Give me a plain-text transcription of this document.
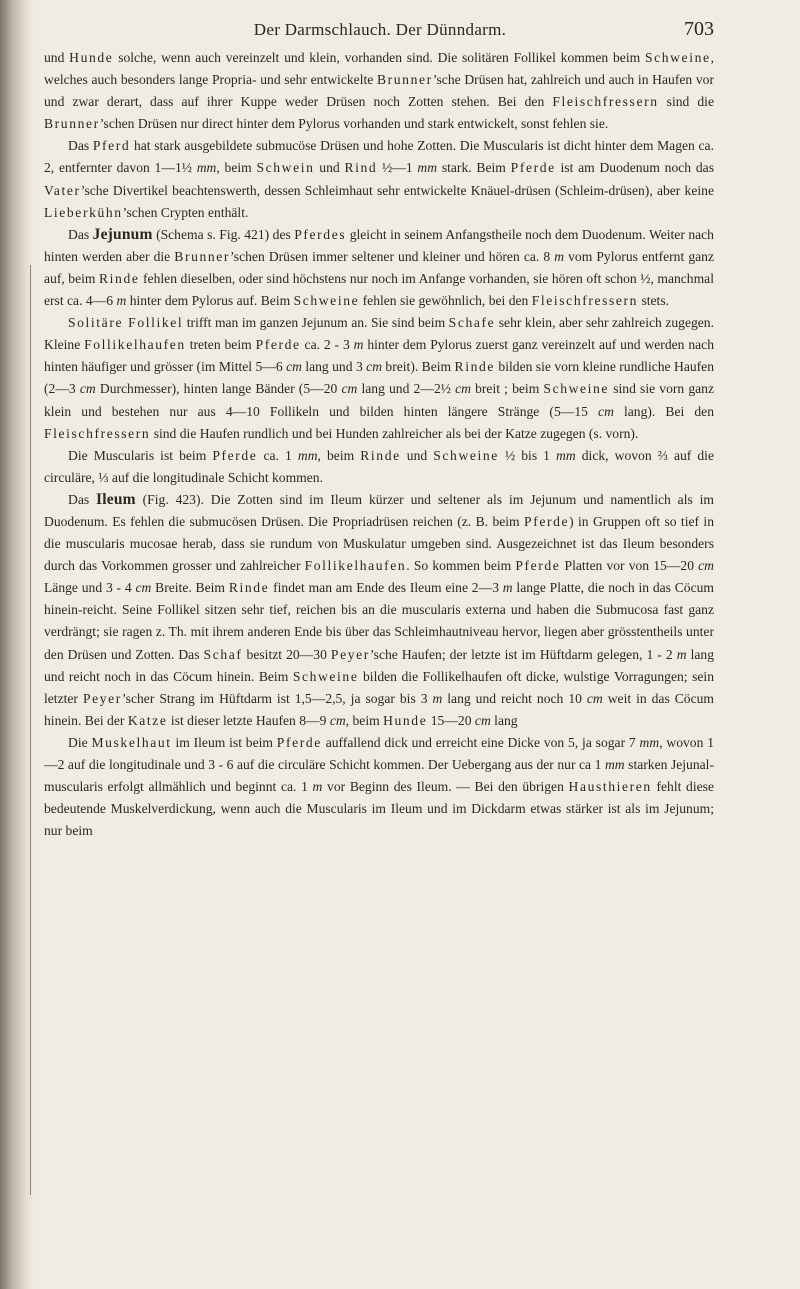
Der Darmschlauch. Der Dünndarm.	703

und Hunde solche, wenn auch vereinzelt und klein, vorhanden sind. Die solitären Follikel kommen beim Schweine, welches auch besonders lange Propria- und sehr entwickelte Brunner’sche Drüsen hat, zahlreich und auch in Haufen vor und zwar derart, dass auf ihrer Kuppe weder Drüsen noch Zotten stehen. Bei den Fleischfressern sind die Brunner’schen Drüsen nur direct hinter dem Pylorus vorhanden und stark entwickelt, sonst fehlen sie.

Das Pferd hat stark ausgebildete submucöse Drüsen und hohe Zotten. Die Muscularis ist dicht hinter dem Magen ca. 2, entfernter davon 1—1½ mm, beim Schwein und Rind ½—1 mm stark. Beim Pferde ist am Duodenum noch das Vater’sche Divertikel beachtenswerth, dessen Schleimhaut sehr entwickelte Knäuel-drüsen (Schleim-drüsen), aber keine Lieberkühn’schen Crypten enthält.

Das Jejunum (Schema s. Fig. 421) des Pferdes gleicht in seinem Anfangstheile noch dem Duodenum. Weiter nach hinten werden aber die Brunner’schen Drüsen immer seltener und kleiner und hören ca. 8 m vom Pylorus entfernt ganz auf, beim Rinde fehlen dieselben, oder sind höchstens nur noch im Anfange vorhanden, sie hören oft schon ½, manchmal erst ca. 4—6 m hinter dem Pylorus auf. Beim Schweine fehlen sie gewöhnlich, bei den Fleischfressern stets.

Solitäre Follikel trifft man im ganzen Jejunum an. Sie sind beim Schafe sehr klein, aber sehr zahlreich zugegen. Kleine Follikelhaufen treten beim Pferde ca. 2 - 3 m hinter dem Pylorus zuerst ganz vereinzelt auf und werden nach hinten häufiger und grösser (im Mittel 5—6 cm lang und 3 cm breit). Beim Rinde bilden sie vorn kleine rundliche Haufen (2—3 cm Durchmesser), hinten lange Bänder (5—20 cm lang und 2—2½ cm breit ; beim Schweine sind sie vorn ganz klein und bestehen nur aus 4—10 Follikeln und bilden hinten längere Stränge (5—15 cm lang). Bei den Fleischfressern sind die Haufen rundlich und bei Hunden zahlreicher als bei der Katze zugegen (s. vorn).

Die Muscularis ist beim Pferde ca. 1 mm, beim Rinde und Schweine ½ bis 1 mm dick, wovon ⅔ auf die circuläre, ⅓ auf die longitudinale Schicht kommen.

Das Ileum (Fig. 423). Die Zotten sind im Ileum kürzer und seltener als im Jejunum und namentlich als im Duodenum. Es fehlen die submucösen Drüsen. Die Propriadrüsen reichen (z. B. beim Pferde) in Gruppen oft so tief in die muscularis mucosae herab, dass sie rundum von Muskulatur umgeben sind. Ausgezeichnet ist das Ileum besonders durch das Vorkommen grosser und zahlreicher Follikelhaufen. So kommen beim Pferde Platten vor von 15—20 cm Länge und 3 - 4 cm Breite. Beim Rinde findet man am Ende des Ileum eine 2—3 m lange Platte, die noch in das Cöcum hinein-reicht. Seine Follikel sitzen sehr tief, reichen bis an die muscularis externa und haben die Submucosa fast ganz verdrängt; sie ragen z. Th. mit ihrem anderen Ende bis über das Schleimhautniveau hervor, liegen aber grösstentheils unter den Drüsen und Zotten. Das Schaf besitzt 20—30 Peyer’sche Haufen; der letzte ist im Hüftdarm gelegen, 1 - 2 m lang und reicht noch in das Cöcum hinein. Beim Schweine bilden die Follikelhaufen oft dicke, wulstige Vorragungen; sein letzter Peyer’scher Strang im Hüftdarm ist 1,5—2,5, ja sogar bis 3 m lang und reicht noch 10 cm weit in das Cöcum hinein. Bei der Katze ist dieser letzte Haufen 8—9 cm, beim Hunde 15—20 cm lang

Die Muskelhaut im Ileum ist beim Pferde auffallend dick und erreicht eine Dicke von 5, ja sogar 7 mm, wovon 1—2 auf die longitudinale und 3 - 6 auf die circuläre Schicht kommen. Der Uebergang aus der nur ca 1 mm starken Jejunal-muscularis erfolgt allmählich und beginnt ca. 1 m vor Beginn des Ileum. — Bei den übrigen Hausthieren fehlt diese bedeutende Muskelverdickung, wenn auch die Muscularis im Ileum und im Dickdarm etwas stärker ist als im Jejunum; nur beim
